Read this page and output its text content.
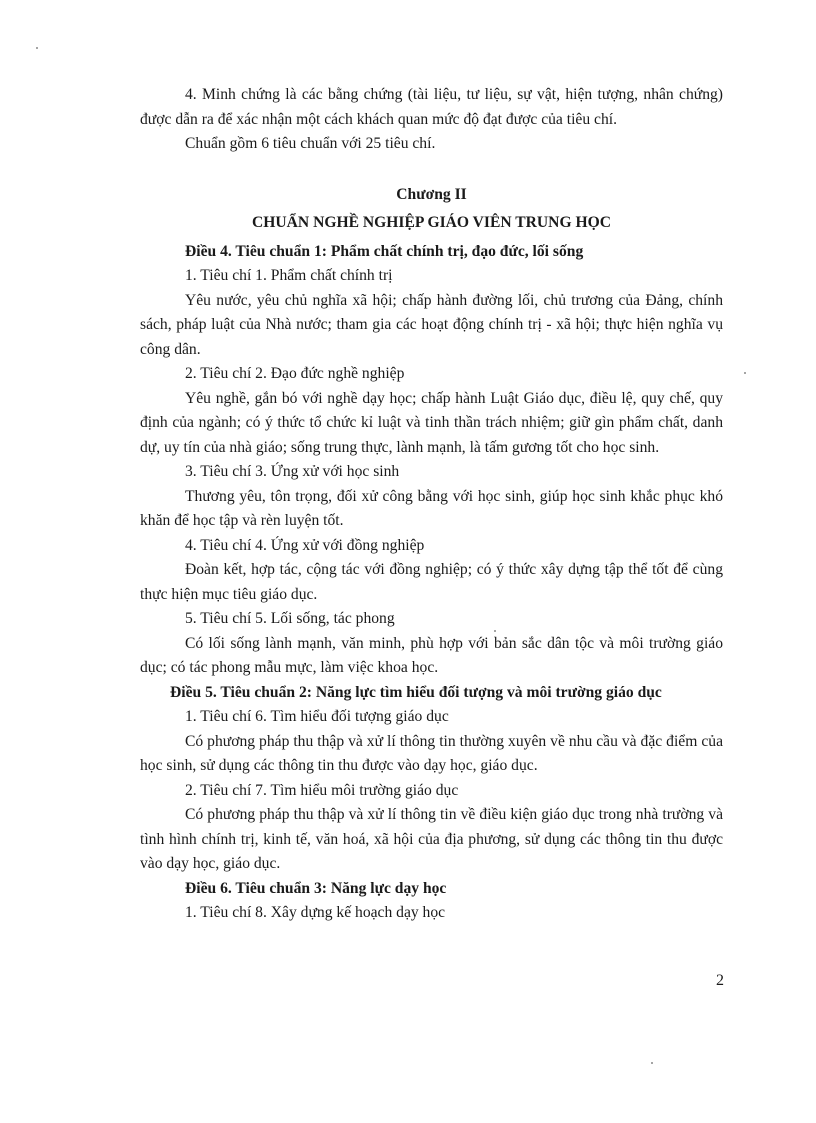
4. Minh chứng là các bằng chứng (tài liệu, tư liệu, sự vật, hiện tượng, nhân chứng) được dẫn ra để xác nhận một cách khách quan mức độ đạt được của tiêu chí.

Chuẩn gồm 6 tiêu chuẩn với 25 tiêu chí.

Chương II

CHUẨN NGHỀ NGHIỆP GIÁO VIÊN TRUNG HỌC

Điều 4. Tiêu chuẩn 1: Phẩm chất chính trị, đạo đức, lối sống

1. Tiêu chí 1. Phẩm chất chính trị

Yêu nước, yêu chủ nghĩa xã hội; chấp hành đường lối, chủ trương của Đảng, chính sách, pháp luật của Nhà nước; tham gia các hoạt động chính trị - xã hội; thực hiện nghĩa vụ công dân.

2. Tiêu chí 2. Đạo đức nghề nghiệp

Yêu nghề, gắn bó với nghề dạy học; chấp hành Luật Giáo dục, điều lệ, quy chế, quy định của ngành; có ý thức tổ chức kỉ luật và tinh thần trách nhiệm; giữ gìn phẩm chất, danh dự, uy tín của nhà giáo; sống trung thực, lành mạnh, là tấm gương tốt cho học sinh.

3. Tiêu chí 3. Ứng xử với học sinh

Thương yêu, tôn trọng, đối xử công bằng với học sinh, giúp học sinh khắc phục khó khăn để học tập và rèn luyện tốt.

4. Tiêu chí 4. Ứng xử với đồng nghiệp

Đoàn kết, hợp tác, cộng tác với đồng nghiệp; có ý thức xây dựng tập thể tốt để cùng thực hiện mục tiêu giáo dục.

5. Tiêu chí 5. Lối sống, tác phong

Có lối sống lành mạnh, văn minh, phù hợp với bản sắc dân tộc và môi trường giáo dục; có tác phong mẫu mực, làm việc khoa học.

Điều 5. Tiêu chuẩn 2: Năng lực tìm hiểu đối tượng và môi trường giáo dục

1. Tiêu chí 6. Tìm hiểu đối tượng giáo dục

Có phương pháp thu thập và xử lí thông tin thường xuyên về nhu cầu và đặc điểm của học sinh, sử dụng các thông tin thu được vào dạy học, giáo dục.

2. Tiêu chí 7. Tìm hiểu môi trường giáo dục

Có phương pháp thu thập và xử lí thông tin về điều kiện giáo dục trong nhà trường và tình hình chính trị, kinh tế, văn hoá, xã hội của địa phương, sử dụng các thông tin thu được vào dạy học, giáo dục.

Điều 6. Tiêu chuẩn 3: Năng lực dạy học

1. Tiêu chí 8. Xây dựng kế hoạch dạy học

2
